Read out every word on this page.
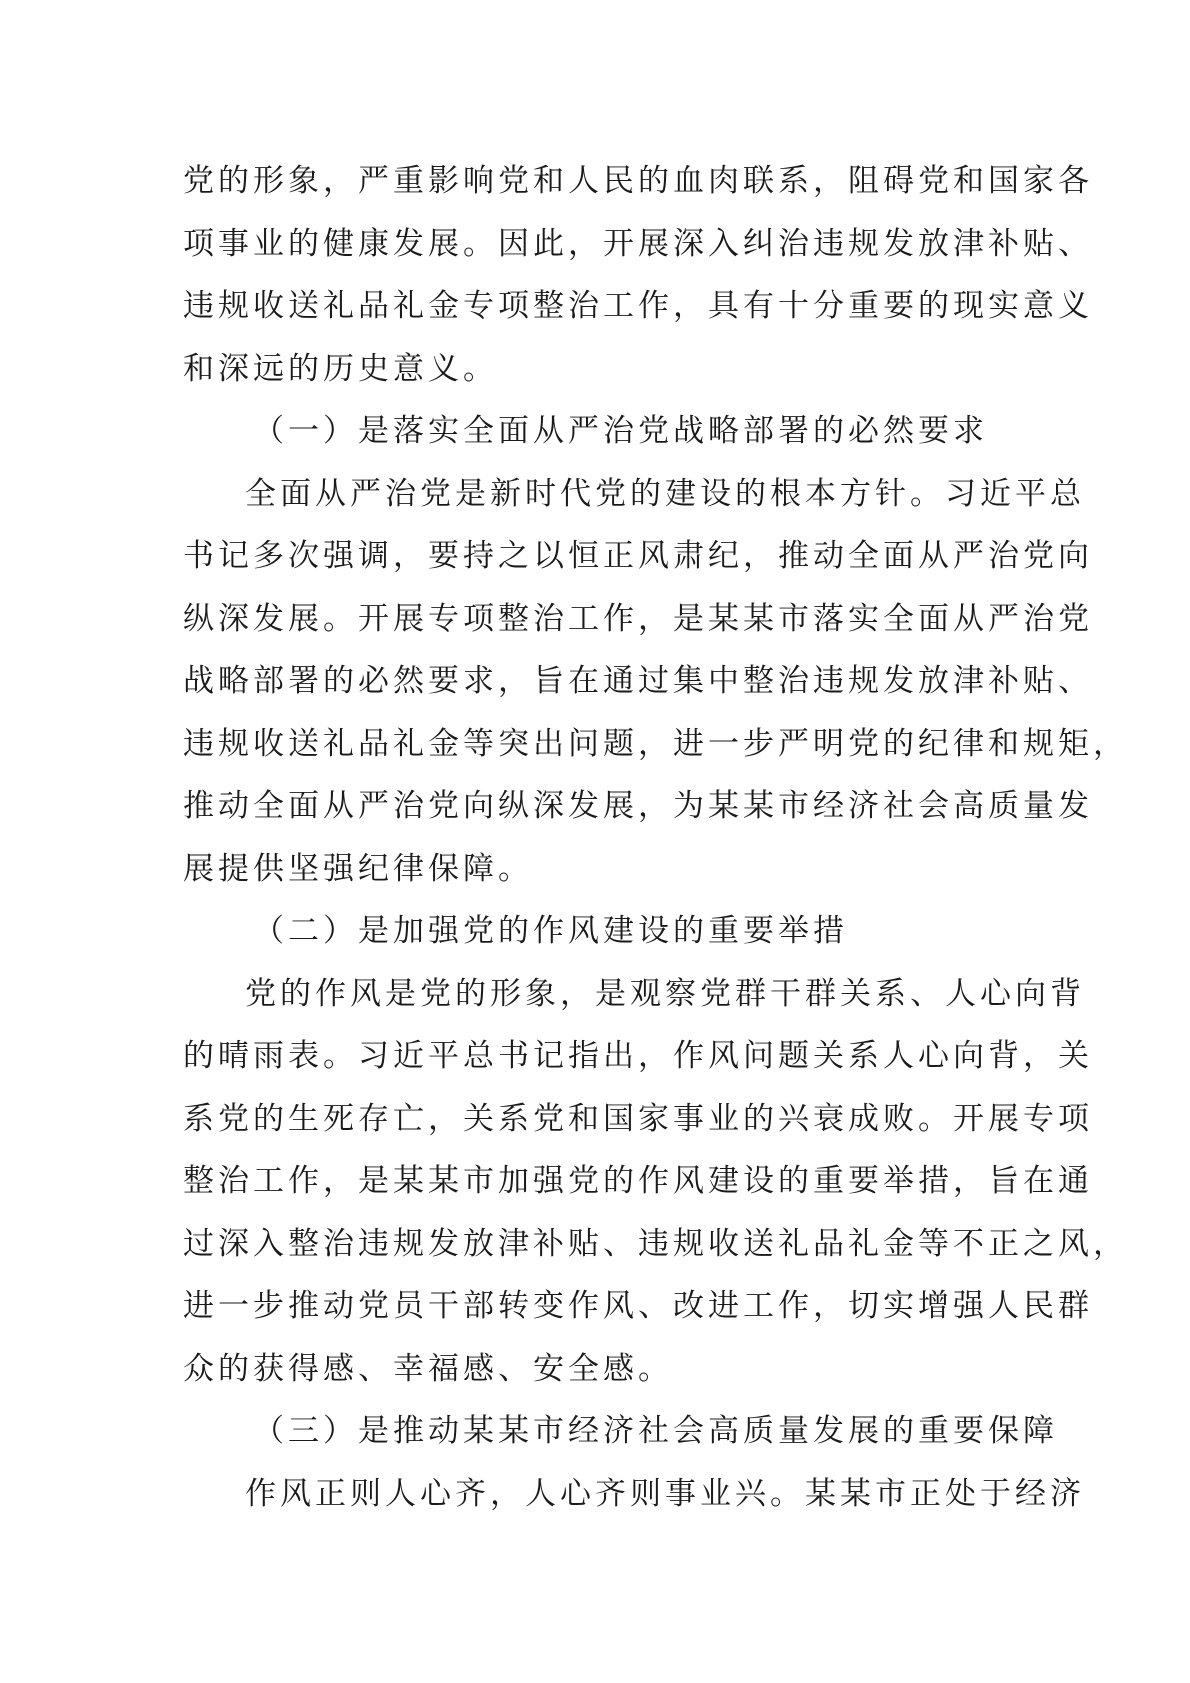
党的形象，严重影响党和人民的血肉联系，阻碍党和国家各
项事业的健康发展。因此，开展深入纠治违规发放津补贴、
违规收送礼品礼金专项整治工作，具有十分重要的现实意义
和深远的历史意义。
（一）是落实全面从严治党战略部署的必然要求
全面从严治党是新时代党的建设的根本方针。习近平总
书记多次强调，要持之以恒正风肃纪，推动全面从严治党向
纵深发展。开展专项整治工作，是某某市落实全面从严治党
战略部署的必然要求，旨在通过集中整治违规发放津补贴、
违规收送礼品礼金等突出问题，进一步严明党的纪律和规矩，
推动全面从严治党向纵深发展，为某某市经济社会高质量发
展提供坚强纪律保障。
（二）是加强党的作风建设的重要举措
党的作风是党的形象，是观察党群干群关系、人心向背
的晴雨表。习近平总书记指出，作风问题关系人心向背，关
系党的生死存亡，关系党和国家事业的兴衰成败。开展专项
整治工作，是某某市加强党的作风建设的重要举措，旨在通
过深入整治违规发放津补贴、违规收送礼品礼金等不正之风，
进一步推动党员干部转变作风、改进工作，切实增强人民群
众的获得感、幸福感、安全感。
（三）是推动某某市经济社会高质量发展的重要保障
作风正则人心齐，人心齐则事业兴。某某市正处于经济
